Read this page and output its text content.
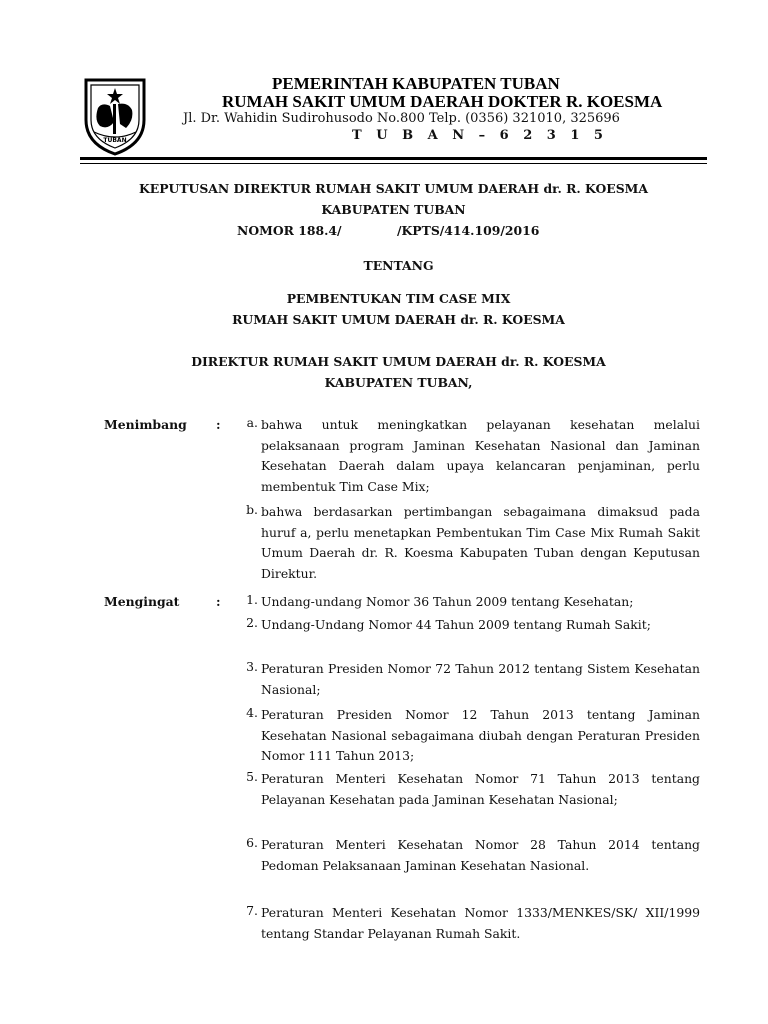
TUBAN
PEMERINTAH KABUPATEN TUBAN
RUMAH SAKIT UMUM DAERAH DOKTER R. KOESMA
Jl. Dr. Wahidin Sudirohusodo No.800 Telp. (0356) 321010, 325696
T U B A N – 6 2 3 1 5
KEPUTUSAN DIREKTUR RUMAH SAKIT UMUM DAERAH dr. R. KOESMA
KABUPATEN TUBAN
NOMOR 188.4/	/KPTS/414.109/2016
TENTANG
PEMBENTUKAN TIM CASE MIX
RUMAH SAKIT UMUM DAERAH dr. R. KOESMA
DIREKTUR RUMAH SAKIT UMUM DAERAH dr. R. KOESMA
KABUPATEN TUBAN,
Menimbang :	a. bahwa untuk meningkatkan pelayanan kesehatan melalui pelaksanaan program Jaminan Kesehatan Nasional dan Jaminan Kesehatan Daerah dalam upaya kelancaran penjaminan, perlu membentuk Tim Case Mix;
b. bahwa berdasarkan pertimbangan sebagaimana dimaksud pada huruf a, perlu menetapkan Pembentukan Tim Case Mix Rumah Sakit Umum Daerah dr. R. Koesma Kabupaten Tuban dengan Keputusan Direktur.
Mengingat	:	1. Undang-undang Nomor 36 Tahun 2009 tentang Kesehatan;
2. Undang-Undang Nomor 44 Tahun 2009 tentang Rumah Sakit;
3. Peraturan Presiden Nomor 72 Tahun 2012 tentang Sistem Kesehatan Nasional;
4. Peraturan Presiden Nomor 12 Tahun 2013 tentang Jaminan Kesehatan Nasional sebagaimana diubah dengan Peraturan Presiden Nomor 111 Tahun 2013;
5. Peraturan Menteri Kesehatan Nomor 71 Tahun 2013 tentang Pelayanan Kesehatan pada Jaminan Kesehatan Nasional;
6. Peraturan Menteri Kesehatan Nomor 28 Tahun 2014 tentang Pedoman Pelaksanaan Jaminan Kesehatan Nasional.
7. Peraturan Menteri Kesehatan Nomor 1333/MENKES/SK/ XII/1999 tentang Standar Pelayanan Rumah Sakit.
